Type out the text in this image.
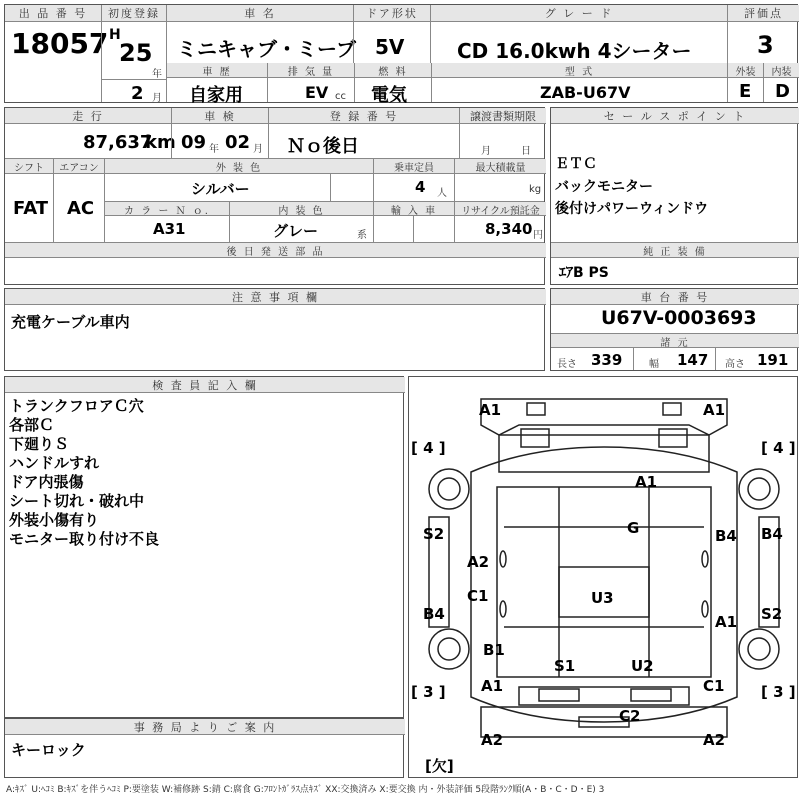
出 品 番 号
18057
初度登録
H
25
年
2 月
車 名
ミニキャブ・ミーブ
ドア形状
5V
グ レ ー ド
CD 16.0kwh 4シーター
評価点
3
車 歴
自家用
排 気 量
EV cc
燃 料
電気
型 式
ZAB-U67V
外装
E
内装
D
走 行
87,637
km
車 検
09 年 02 月
登 録 番 号
Ｎｏ後日
譲渡書類期限
月	日
シフト
FAT
エアコン
AC
外 装 色
シルバー
乗車定員
4 人
最大積載量
kg
カ ラ ー Ｎ ｏ.
A31
内 装 色
グレー	系
輸 入 車	リサイクル預託金
8,340 円
後 日 発 送 部 品
セ ー ル ス ポ イ ン ト
ＥＴＣ
バックモニター
後付けパワーウィンドウ
純 正 装 備
ｴｱB PS
注 意 事 項 欄
充電ケーブル車内
車 台 番 号
U67V-0003693
諸 元
長さ 339	幅 147 高さ 191
検 査 員 記 入 欄
トランクフロアＣ穴
各部Ｃ
下廻りＳ
ハンドルすれ
ドア内張傷
シート切れ・破れ中
外装小傷有り
モニター取り付け不良
事 務 局 よ り ご 案 内
キーロック
A1	A1
A1
G
A2
C1	U3
B4 B4
S2
B4	S2
A1
B1
S1	U2
A1	C1
C2
A2	A2
[ 4 ]	[ 4 ]
[ 3 ]	[ 3 ]
[欠]
A:ｷｽﾞ U:ﾍｺﾐ B:ｷｽﾞを伴うﾍｺﾐ P:要塗装 W:補修跡 S:錆 C:腐食 G:ﾌﾛﾝﾄｶﾞﾗｽ点ｷｽﾞ XX:交換済み X:要交換 内・外装評価 5段階ﾗﾝｸ順(A・B・C・D・E) 3
